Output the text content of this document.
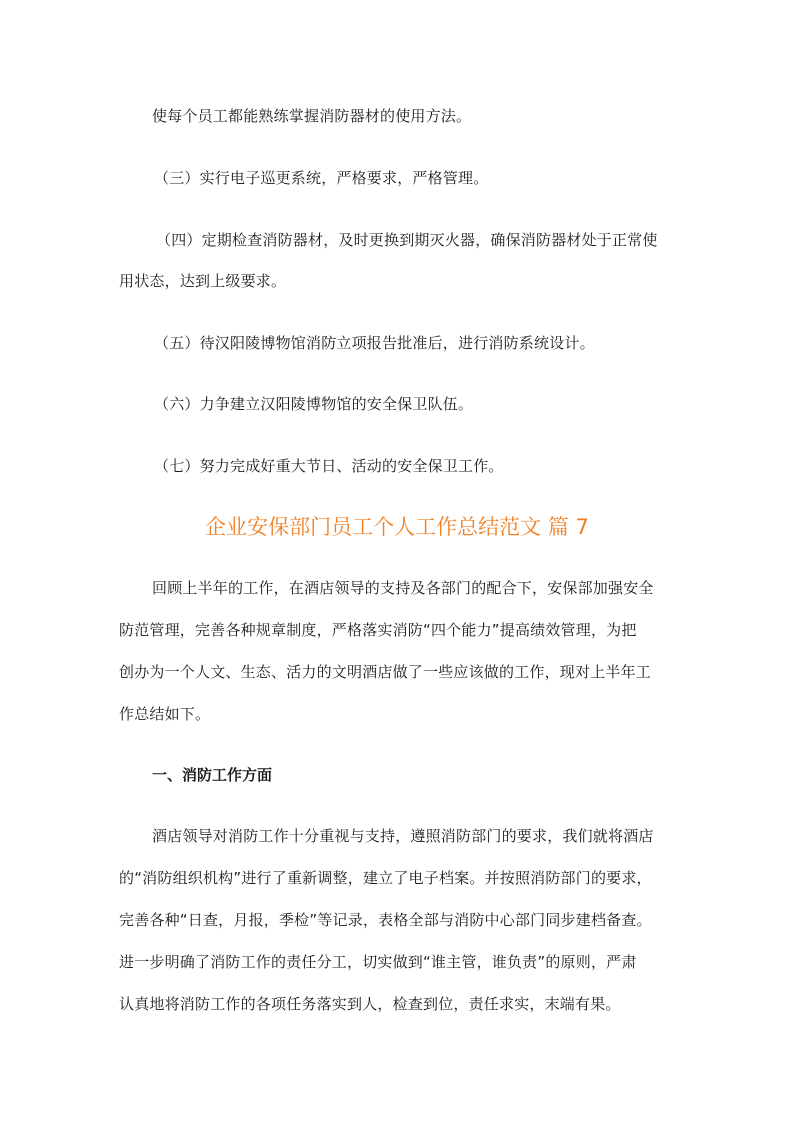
使每个员工都能熟练掌握消防器材的使用方法。
（三）实行电子巡更系统，严格要求，严格管理。
（四）定期检查消防器材，及时更换到期灭火器，确保消防器材处于正常使
用状态，达到上级要求。
（五）待汉阳陵博物馆消防立项报告批准后，进行消防系统设计。
（六）力争建立汉阳陵博物馆的安全保卫队伍。
（七）努力完成好重大节日、活动的安全保卫工作。
企业安保部门员工个人工作总结范文 篇 7
回顾上半年的工作，在酒店领导的支持及各部门的配合下，安保部加强安全
防范管理，完善各种规章制度，严格落实消防“四个能力”提高绩效管理，为把
创办为一个人文、生态、活力的文明酒店做了一些应该做的工作，现对上半年工
作总结如下。
一、消防工作方面
酒店领导对消防工作十分重视与支持，遵照消防部门的要求，我们就将酒店
的“消防组织机构”进行了重新调整，建立了电子档案。并按照消防部门的要求，
完善各种“日查，月报，季检”等记录，表格全部与消防中心部门同步建档备查。
进一步明确了消防工作的责任分工，切实做到“谁主管，谁负责”的原则，严肃
认真地将消防工作的各项任务落实到人，检查到位，责任求实，末端有果。
